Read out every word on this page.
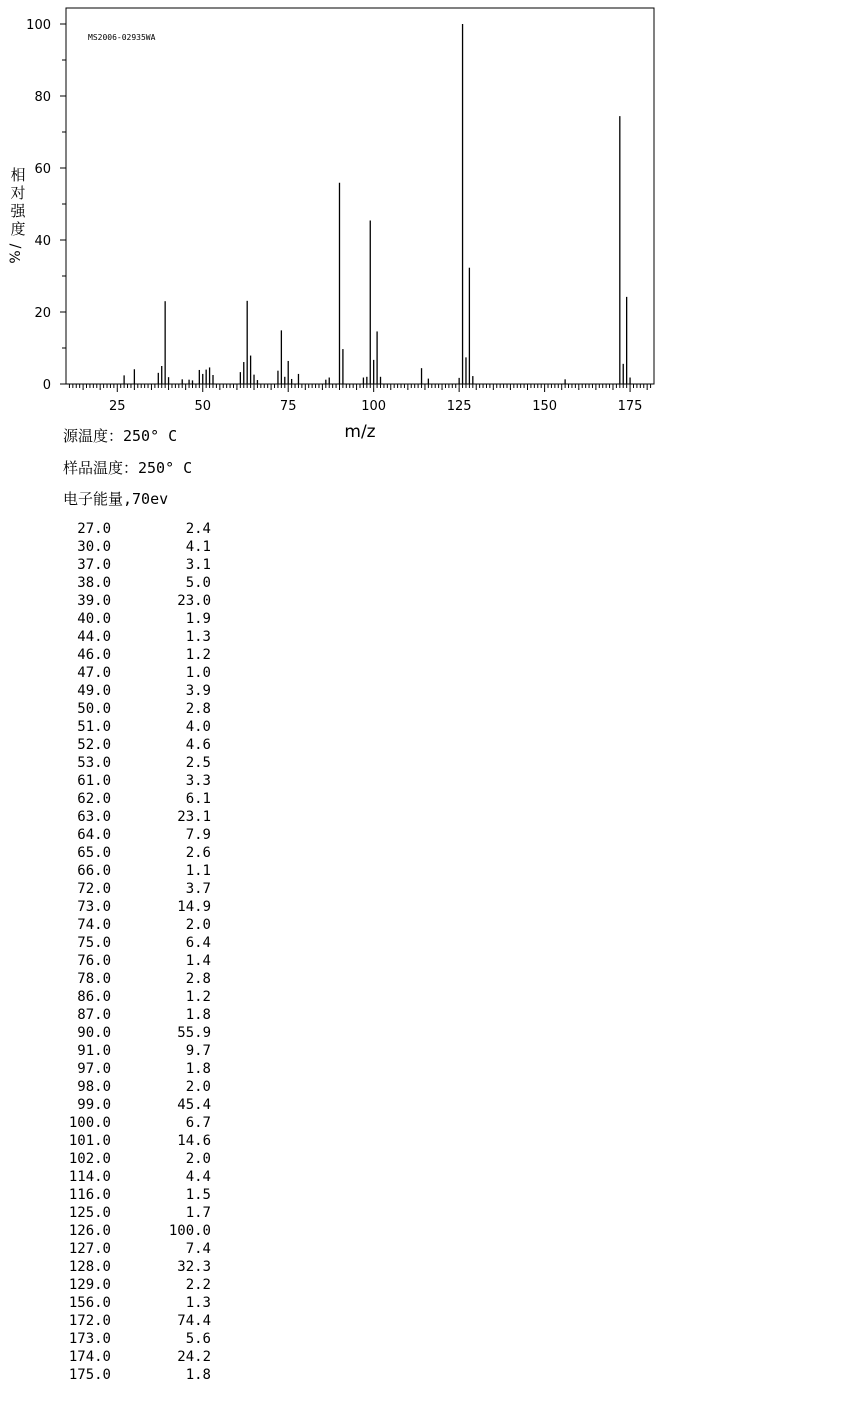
MS2006-02935WA
0
20
40
60
80
100
25	50	75	100	125	150	175
相
对
强
度
/
%
m/z
源温度：250° C
样品温度：250° C
电子能量,70ev
27.0	2.4
30.0	4.1
37.0	3.1
38.0	5.0
39.0	23.0
40.0	1.9
44.0	1.3
46.0	1.2
47.0	1.0
49.0	3.9
50.0	2.8
51.0	4.0
52.0	4.6
53.0	2.5
61.0	3.3
62.0	6.1
63.0	23.1
64.0	7.9
65.0	2.6
66.0	1.1
72.0	3.7
73.0	14.9
74.0	2.0
75.0	6.4
76.0	1.4
78.0	2.8
86.0	1.2
87.0	1.8
90.0	55.9
91.0	9.7
97.0	1.8
98.0	2.0
99.0	45.4
100.0	6.7
101.0	14.6
102.0	2.0
114.0	4.4
116.0	1.5
125.0	1.7
126.0	100.0
127.0	7.4
128.0	32.3
129.0	2.2
156.0	1.3
172.0	74.4
173.0	5.6
174.0	24.2
175.0	1.8
